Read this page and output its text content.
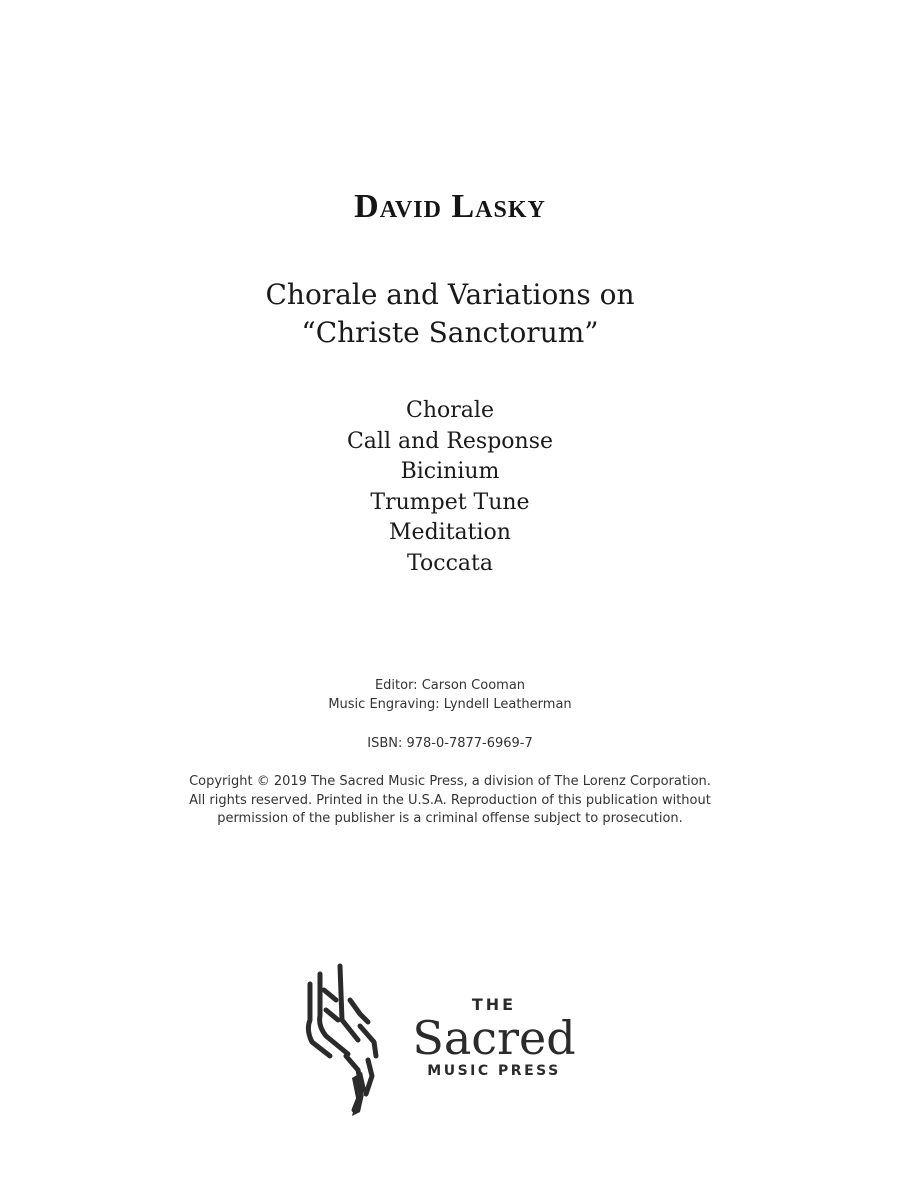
David Lasky
Chorale and Variations on
“Christe Sanctorum”
Chorale
Call and Response
Bicinium
Trumpet Tune
Meditation
Toccata
Editor: Carson Cooman
Music Engraving: Lyndell Leatherman
ISBN: 978-0-7877-6969-7
Copyright © 2019 The Sacred Music Press, a division of The Lorenz Corporation.
All rights reserved. Printed in the U.S.A. Reproduction of this publication without
permission of the publisher is a criminal offense subject to prosecution.
THE
Sacred
MUSIC PRESS
